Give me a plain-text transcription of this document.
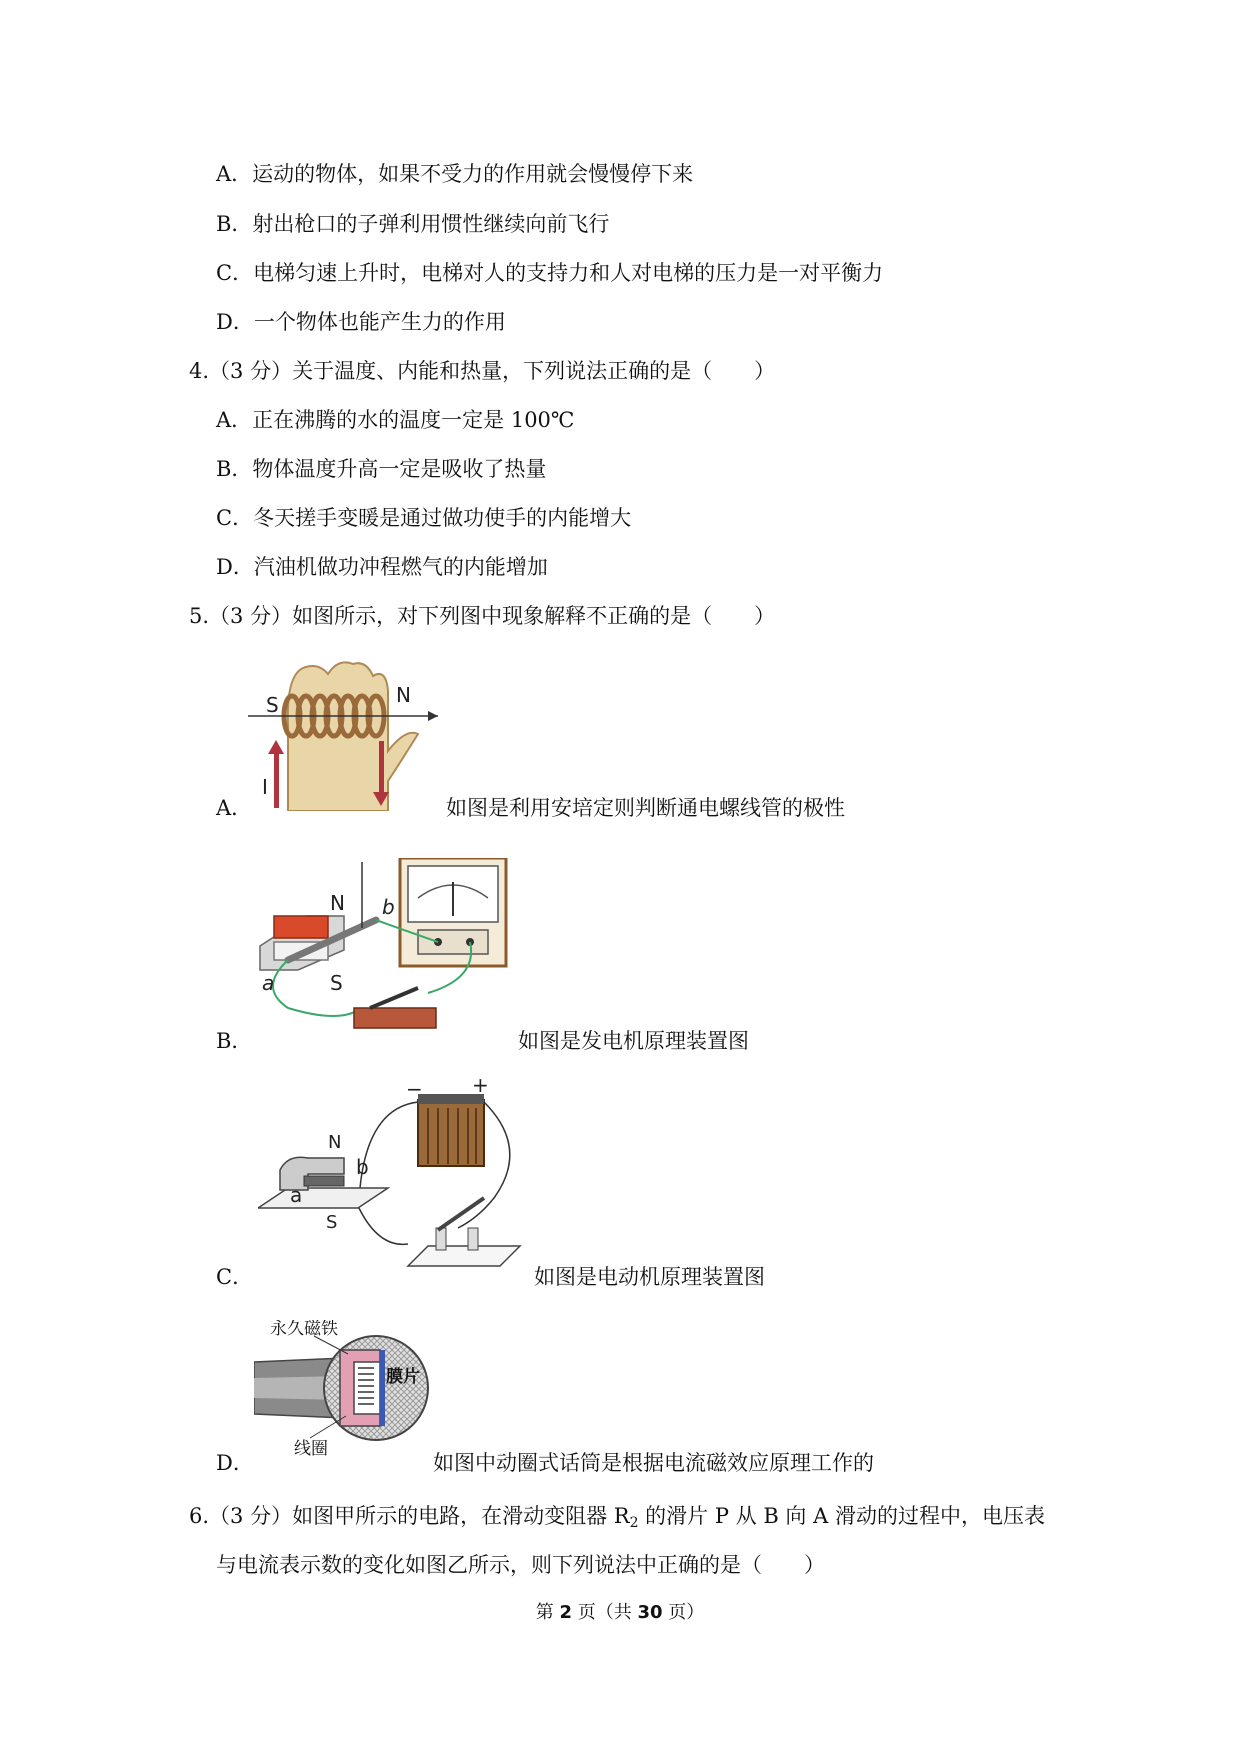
A．运动的物体，如果不受力的作用就会慢慢停下来
B．射出枪口的子弹利用惯性继续向前飞行
C．电梯匀速上升时，电梯对人的支持力和人对电梯的压力是一对平衡力
D．一个物体也能产生力的作用
4.（3 分）关于温度、内能和热量，下列说法正确的是（　　）
A．正在沸腾的水的温度一定是 100℃
B．物体温度升高一定是吸收了热量
C．冬天搓手变暖是通过做功使手的内能增大
D．汽油机做功冲程燃气的内能增加
5.（3 分）如图所示，对下列图中现象解释不正确的是（　　）
S	N
I
A．	如图是利用安培定则判断通电螺线管的极性
N
S
a
b
B．	如图是发电机原理装置图
− +
N
S
a
b
C．	如图是电动机原理装置图
永久磁铁
膜片
线圈
D．	如图中动圈式话筒是根据电流磁效应原理工作的
6.（3 分）如图甲所示的电路，在滑动变阻器 $R_2$ 的滑片 P 从 B 向 A 滑动的过程中，电压表
与电流表示数的变化如图乙所示，则下列说法中正确的是（　　）
第 2 页（共 30 页）
